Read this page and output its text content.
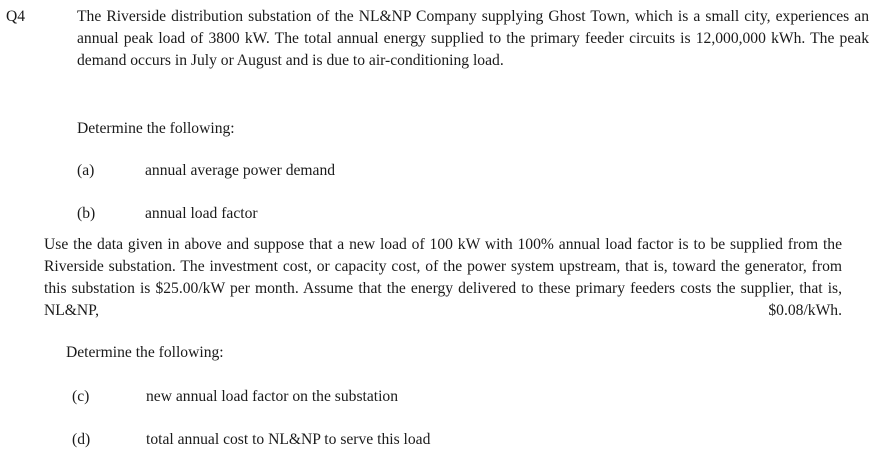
Q4	The Riverside distribution substation of the NL&NP Company supplying Ghost Town, which is a small city, experiences an annual peak load of 3800 kW. The total annual energy supplied to the primary feeder circuits is 12,000,000 kWh. The peak demand occurs in July or August and is due to air-conditioning load.

Determine the following:

(a)	annual average power demand
(b)	annual load factor

Use the data given in above and suppose that a new load of 100 kW with 100% annual load factor is to be supplied from the Riverside substation. The investment cost, or capacity cost, of the power system upstream, that is, toward the generator, from this substation is $25.00/kW per month. Assume that the energy delivered to these primary feeders costs the supplier, that is, NL&NP, $0.08/kWh.

Determine the following:

(c)	new annual load factor on the substation
(d)	total annual cost to NL&NP to serve this load
